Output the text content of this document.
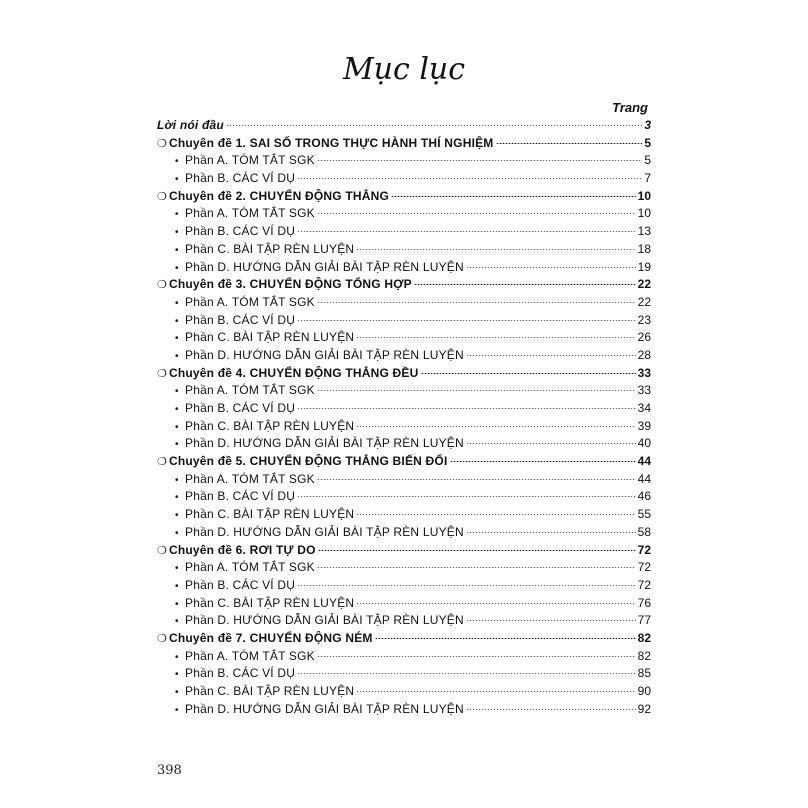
Mục lục
Trang
Lời nói đầu	3
❍ Chuyên đề 1. SAI SỐ TRONG THỰC HÀNH THÍ NGHIỆM	5
• Phần A. TÓM TẮT SGK	5
• Phần B. CÁC VÍ DỤ	7
❍ Chuyên đề 2. CHUYỂN ĐỘNG THẲNG	10
• Phần A. TÓM TẮT SGK	10
• Phần B. CÁC VÍ DỤ	13
• Phần C. BÀI TẬP RÈN LUYỆN	18
• Phần D. HƯỚNG DẪN GIẢI BÀI TẬP RÈN LUYỆN	19
❍ Chuyên đề 3. CHUYỂN ĐỘNG TỔNG HỢP	22
• Phần A. TÓM TẮT SGK	22
• Phần B. CÁC VÍ DỤ	23
• Phần C. BÀI TẬP RÈN LUYỆN	26
• Phần D. HƯỚNG DẪN GIẢI BÀI TẬP RÈN LUYỆN	28
❍ Chuyên đề 4. CHUYỂN ĐỘNG THẲNG ĐỀU	33
• Phần A. TÓM TẮT SGK	33
• Phần B. CÁC VÍ DỤ	34
• Phần C. BÀI TẬP RÈN LUYỆN	39
• Phần D. HƯỚNG DẪN GIẢI BÀI TẬP RÈN LUYỆN	40
❍ Chuyên đề 5. CHUYỂN ĐỘNG THẲNG BIẾN ĐỔI	44
• Phần A. TÓM TẮT SGK	44
• Phần B. CÁC VÍ DỤ	46
• Phần C. BÀI TẬP RÈN LUYỆN	55
• Phần D. HƯỚNG DẪN GIẢI BÀI TẬP RÈN LUYỆN	58
❍ Chuyên đề 6. RƠI TỰ DO	72
• Phần A. TÓM TẮT SGK	72
• Phần B. CÁC VÍ DỤ	72
• Phần C. BÀI TẬP RÈN LUYỆN	76
• Phần D. HƯỚNG DẪN GIẢI BÀI TẬP RÈN LUYỆN	77
❍ Chuyên đề 7. CHUYỂN ĐỘNG NÉM	82
• Phần A. TÓM TẮT SGK	82
• Phần B. CÁC VÍ DỤ	85
• Phần C. BÀI TẬP RÈN LUYỆN	90
• Phần D. HƯỚNG DẪN GIẢI BÀI TẬP RÈN LUYỆN	92
398
